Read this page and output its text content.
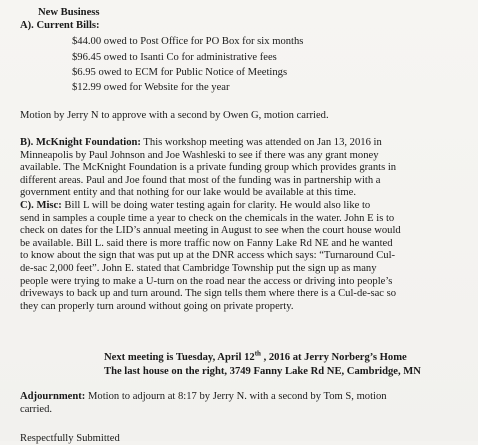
New Business
A). Current Bills:
$44.00 owed to Post Office for PO Box for six months
$96.45 owed to Isanti Co for administrative fees
$6.95 owed to ECM for Public Notice of Meetings
$12.99 owed for Website for the year
Motion by Jerry N to approve with a second by Owen G, motion carried.
B). McKnight Foundation: This workshop meeting was attended on Jan 13, 2016 in
Minneapolis by Paul Johnson and Joe Washleski to see if there was any grant money
available. The McKnight Foundation is a private funding group which provides grants in
different areas. Paul and Joe found that most of the funding was in partnership with a
government entity and that nothing for our lake would be available at this time.
C). Misc: Bill L will be doing water testing again for clarity. He would also like to
send in samples a couple time a year to check on the chemicals in the water. John E is to
check on dates for the LID’s annual meeting in August to see when the court house would
be available. Bill L. said there is more traffic now on Fanny Lake Rd NE and he wanted
to know about the sign that was put up at the DNR access which says: “Turnaround Cul-
de-sac 2,000 feet”. John E. stated that Cambridge Township put the sign up as many
people were trying to make a U-turn on the road near the access or driving into people’s
driveways to back up and turn around. The sign tells them where there is a Cul-de-sac so
they can properly turn around without going on private property.
Next meeting is Tuesday, April 12th , 2016 at Jerry Norberg’s Home
The last house on the right, 3749 Fanny Lake Rd NE, Cambridge, MN
Adjournment: Motion to adjourn at 8:17 by Jerry N. with a second by Tom S, motion
carried.
Respectfully Submitted
